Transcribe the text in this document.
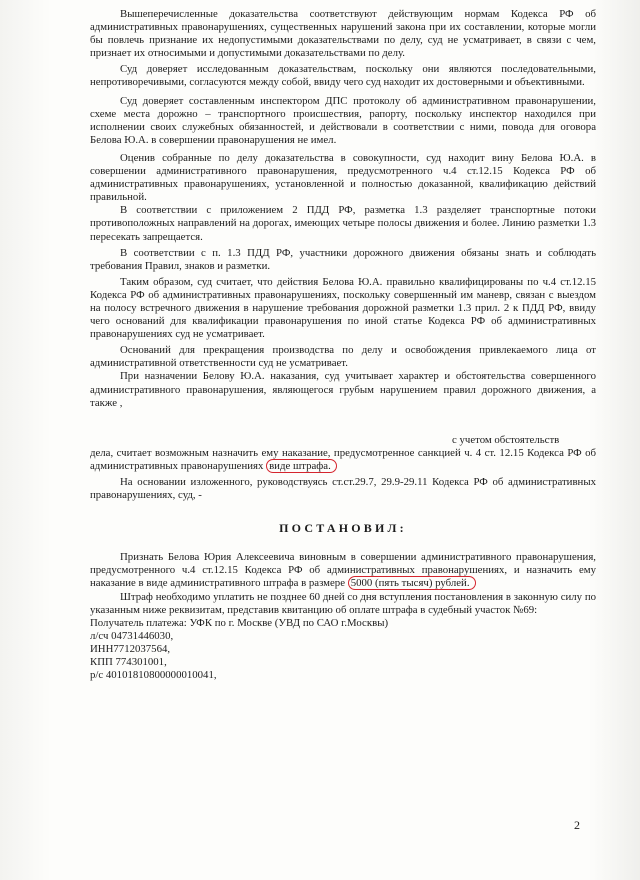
Вышеперечисленные доказательства соответствуют действующим нормам Кодекса РФ об административных правонарушениях, существенных нарушений закона при их составлении, которые могли бы повлечь признание их недопустимыми доказательствами по делу, суд не усматривает, в связи с чем, признает их относимыми и допустимыми доказательствами по делу.

Суд доверяет исследованным доказательствам, поскольку они являются последовательными, непротиворечивыми, согласуются между собой, ввиду чего суд находит их достоверными и объективными.

Суд доверяет составленным инспектором ДПС протоколу об административном правонарушении, схеме места дорожно – транспортного происшествия, рапорту, поскольку инспектор находился при исполнении своих служебных обязанностей, и действовали в соответствии с ними, повода для оговора Белова Ю.А. в совершении правонарушения не имел.

Оценив собранные по делу доказательства в совокупности, суд находит вину Белова Ю.А. в совершении административного правонарушения, предусмотренного ч.4 ст.12.15 Кодекса РФ об административных правонарушениях, установленной и полностью доказанной, квалификацию действий правильной.

В соответствии с приложением 2 ПДД РФ, разметка 1.3 разделяет транспортные потоки противоположных направлений на дорогах, имеющих четыре полосы движения и более. Линию разметки 1.3 пересекать запрещается.

В соответствии с п. 1.3 ПДД РФ, участники дорожного движения обязаны знать и соблюдать требования Правил, знаков и разметки.

Таким образом, суд считает, что действия Белова Ю.А. правильно квалифицированы по ч.4 ст.12.15 Кодекса РФ об административных правонарушениях, поскольку совершенный им маневр, связан с выездом на полосу встречного движения в нарушение требования дорожной разметки 1.3 прил. 2 к ПДД РФ, ввиду чего оснований для квалификации правонарушения по иной статье Кодекса РФ об административных правонарушениях суд не усматривает.

Оснований для прекращения производства по делу и освобождения привлекаемого лица от административной ответственности суд не усматривает.

При назначении Белову Ю.А. наказания, суд учитывает характер и обстоятельства совершенного административного правонарушения, являющегося грубым нарушением правил дорожного движения, а также ,

с учетом обстоятельств

дела, считает возможным назначить ему наказание, предусмотренное санкцией ч. 4 ст. 12.15 Кодекса РФ об административных правонарушениях виде штрафа.

На основании изложенного, руководствуясь ст.ст.29.7, 29.9-29.11 Кодекса РФ об административных правонарушениях, суд, -

ПОСТАНОВИЛ:

Признать Белова Юрия Алексеевича виновным в совершении административного правонарушения, предусмотренного ч.4 ст.12.15 Кодекса РФ об административных правонарушениях, и назначить ему наказание в виде административного штрафа в размере 5000 (пять тысяч) рублей.

Штраф необходимо уплатить не позднее 60 дней со дня вступления постановления в законную силу по указанным ниже реквизитам, представив квитанцию об оплате штрафа в судебный участок №69:

Получатель платежа: УФК по г. Москве (УВД по САО г.Москвы)

л/сч 04731446030,

ИНН7712037564,

КПП 774301001,

р/с 40101810800000010041,

2
